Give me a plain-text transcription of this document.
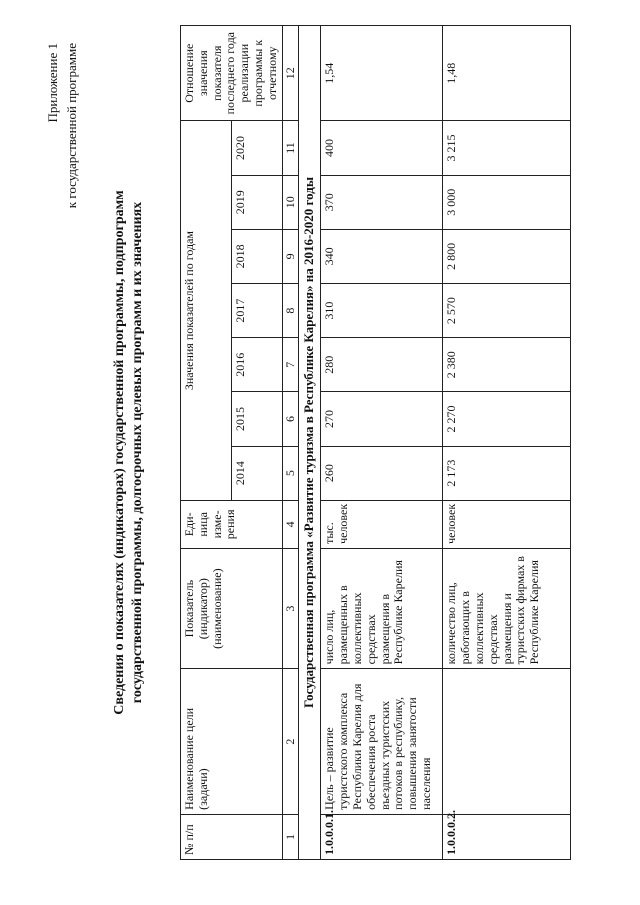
Приложение 1 к государственной программе
Сведения о показателях (индикаторах) государственной программы, подпрограмм государственной программы, долгосрочных целевых программ и их значениях
№ п/п	Наименование цели (задачи)	Показатель (индикатор) (наименование)	Еди-ница изме-рения	Значения показателей по годам							Отношение значения показателя последнего года реализации программы к отчетному
				2014	2015	2016	2017	2018	2019	2020	
1	2	3	4	5	6	7	8	9	10	11	12
Государственная программа «Развитие туризма в Республике Карелия» на 2016-2020 годы											
1.0.0.0.1.	Цель – развитие туристского комплекса Республики Карелия для обеспечения роста въездных туристских потоков в республику, повышения занятости населения	число лиц, размещенных в коллективных средствах размещения в Республике Карелия	тыс. человек	260	270	280	310	340	370	400	1,54
1.0.0.0.2.		количество лиц, работающих в коллективных средствах размещения и туристских фирмах в Республике Карелия	человек	2 173	2 270	2 380	2 570	2 800	3 000	3 215	1,48
